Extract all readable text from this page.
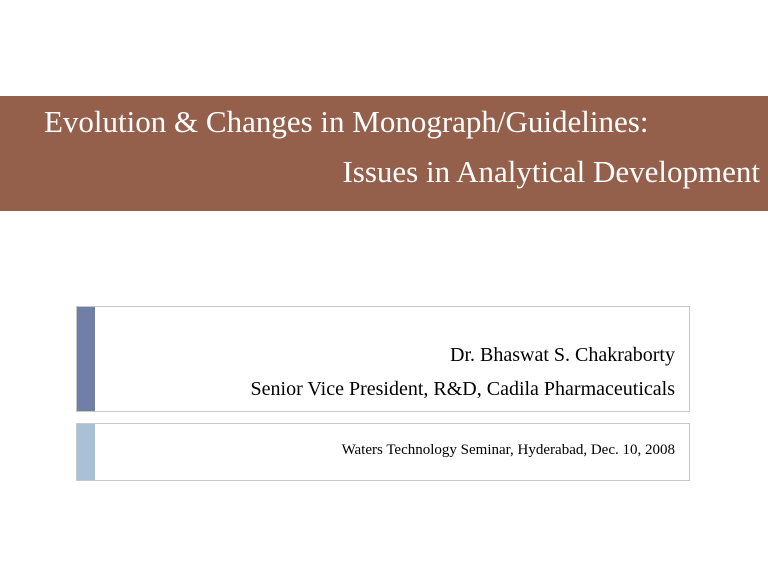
Evolution & Changes in Monograph/Guidelines:
Issues in Analytical Development
Dr. Bhaswat S. Chakraborty
Senior Vice President, R&D, Cadila Pharmaceuticals
Waters Technology Seminar, Hyderabad, Dec. 10, 2008
